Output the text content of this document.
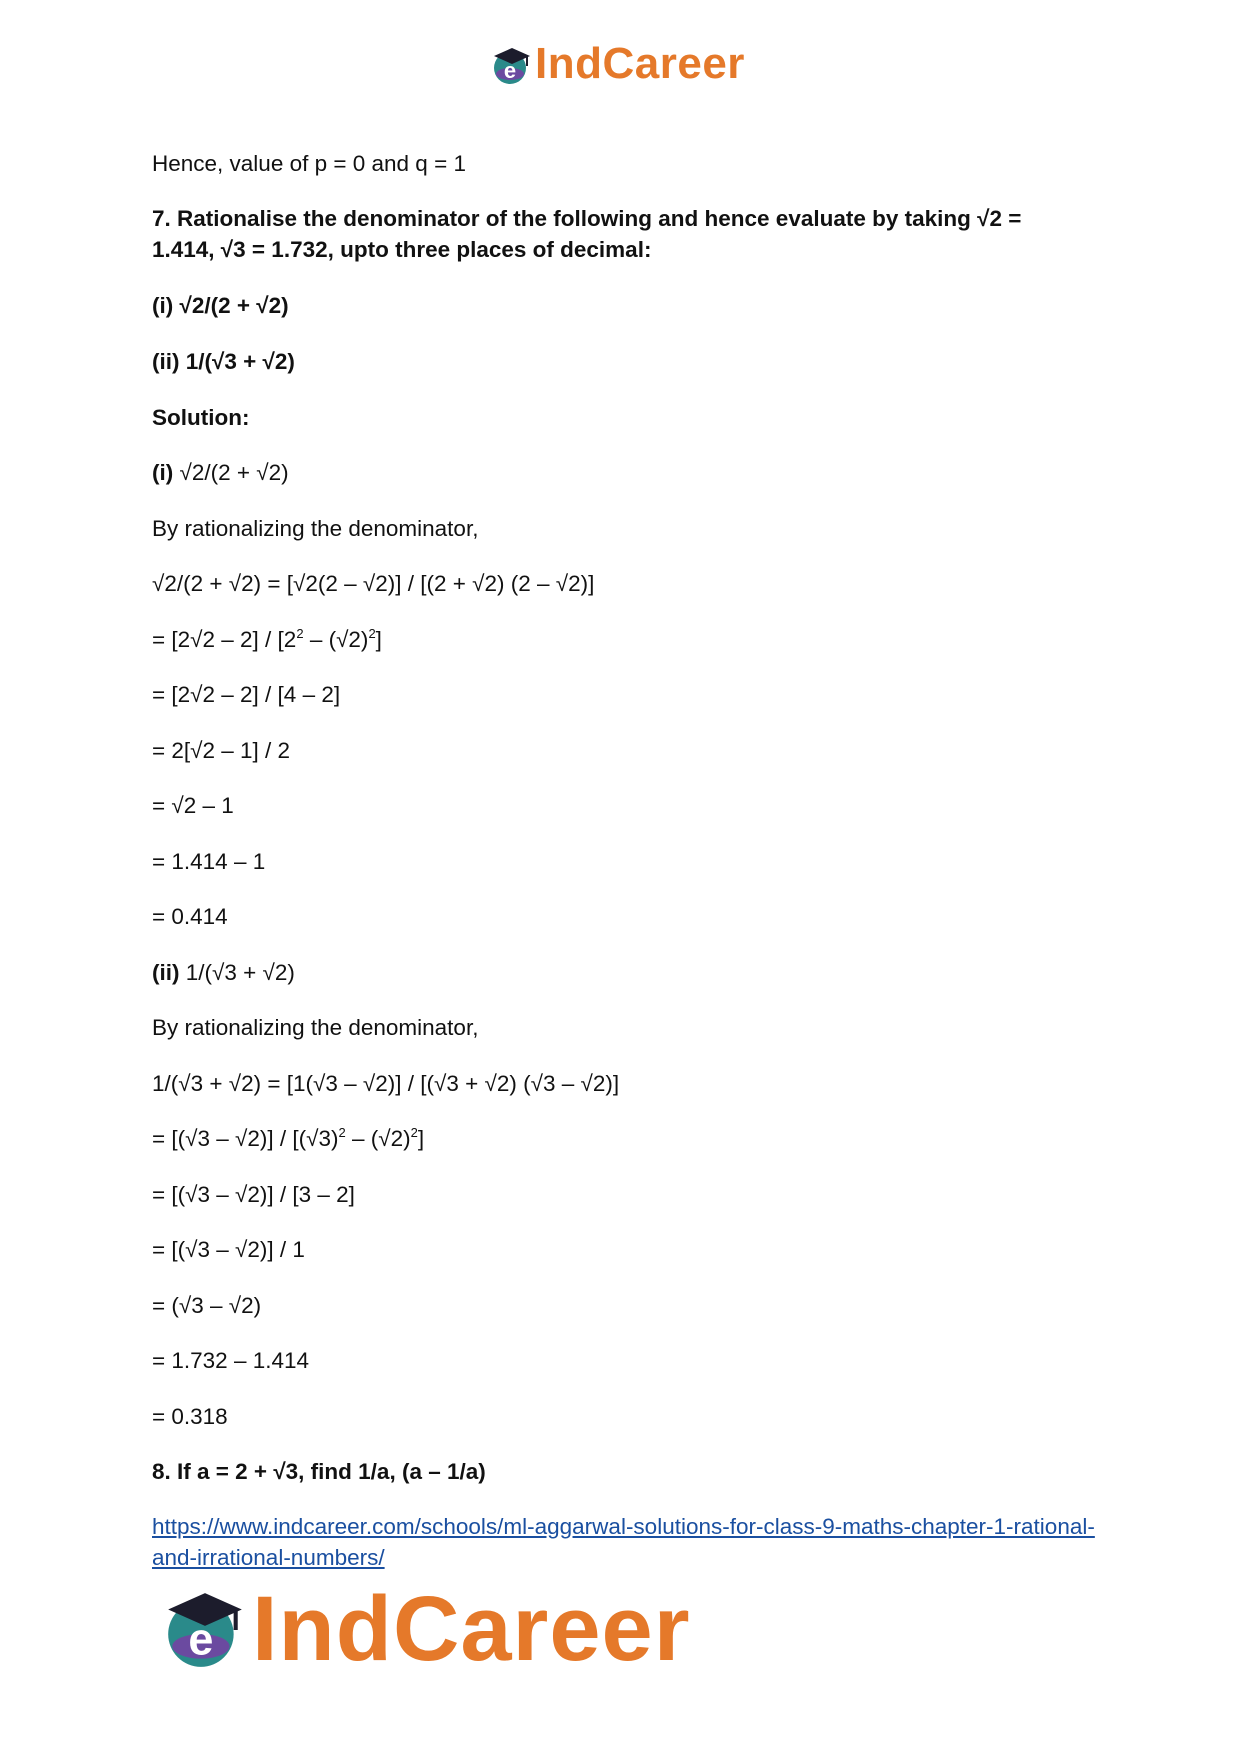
e IndCareer
Hence, value of p = 0 and q = 1
7. Rationalise the denominator of the following and hence evaluate by taking √2 =
1.414, √3 = 1.732, upto three places of decimal:
(i) √2/(2 + √2)
(ii) 1/(√3 + √2)
Solution:
(i) √2/(2 + √2)
By rationalizing the denominator,
√2/(2 + √2) = [√2(2 – √2)] / [(2 + √2) (2 – √2)]
= $[2√2 - 2] / [2^2 - (√2)^2]$
= [2√2 – 2] / [4 – 2]
= 2[√2 – 1] / 2
= √2 – 1
= 1.414 – 1
= 0.414
(ii) 1/(√3 + √2)
By rationalizing the denominator,
1/(√3 + √2) = [1(√3 – √2)] / [(√3 + √2) (√3 – √2)]
= $[(√3 - √2)] / [(√3)^2 - (√2)^2]$
= [(√3 – √2)] / [3 – 2]
= [(√3 – √2)] / 1
= (√3 – √2)
= 1.732 – 1.414
= 0.318
8. If a = 2 + √3, find 1/a, (a – 1/a)
https://www.indcareer.com/schools/ml-aggarwal-solutions-for-class-9-maths-chapter-1-rational-and-irrational-numbers/
e IndCareer
